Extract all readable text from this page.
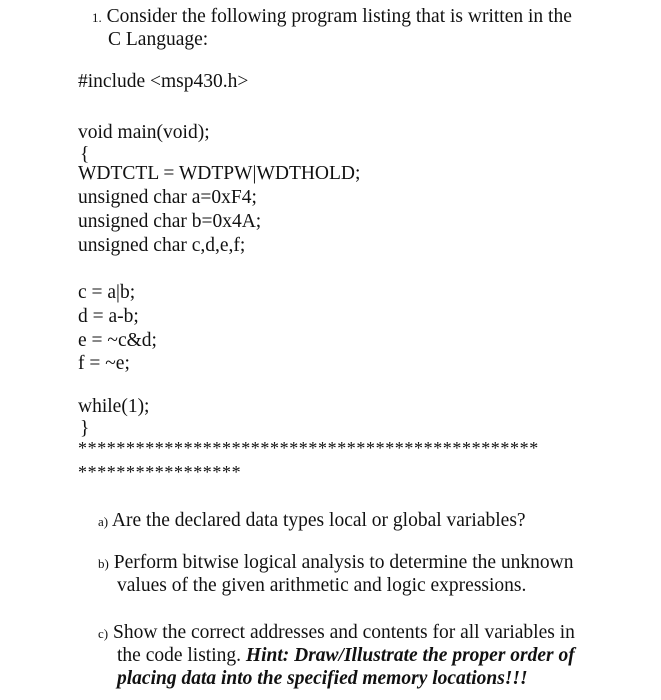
1. Consider the following program listing that is written in the
C Language:
#include <msp430.h>
void main(void);
{
WDTCTL = WDTPW|WDTHOLD;
unsigned char a=0xF4;
unsigned char b=0x4A;
unsigned char c,d,e,f;
c = a|b;
d = a-b;
e = ~c&d;
f = ~e;
while(1);
}
************************************************
*****************
a) Are the declared data types local or global variables?
b) Perform bitwise logical analysis to determine the unknown
values of the given arithmetic and logic expressions.
c) Show the correct addresses and contents for all variables in
the code listing. Hint: Draw/Illustrate the proper order of
placing data into the specified memory locations!!!
